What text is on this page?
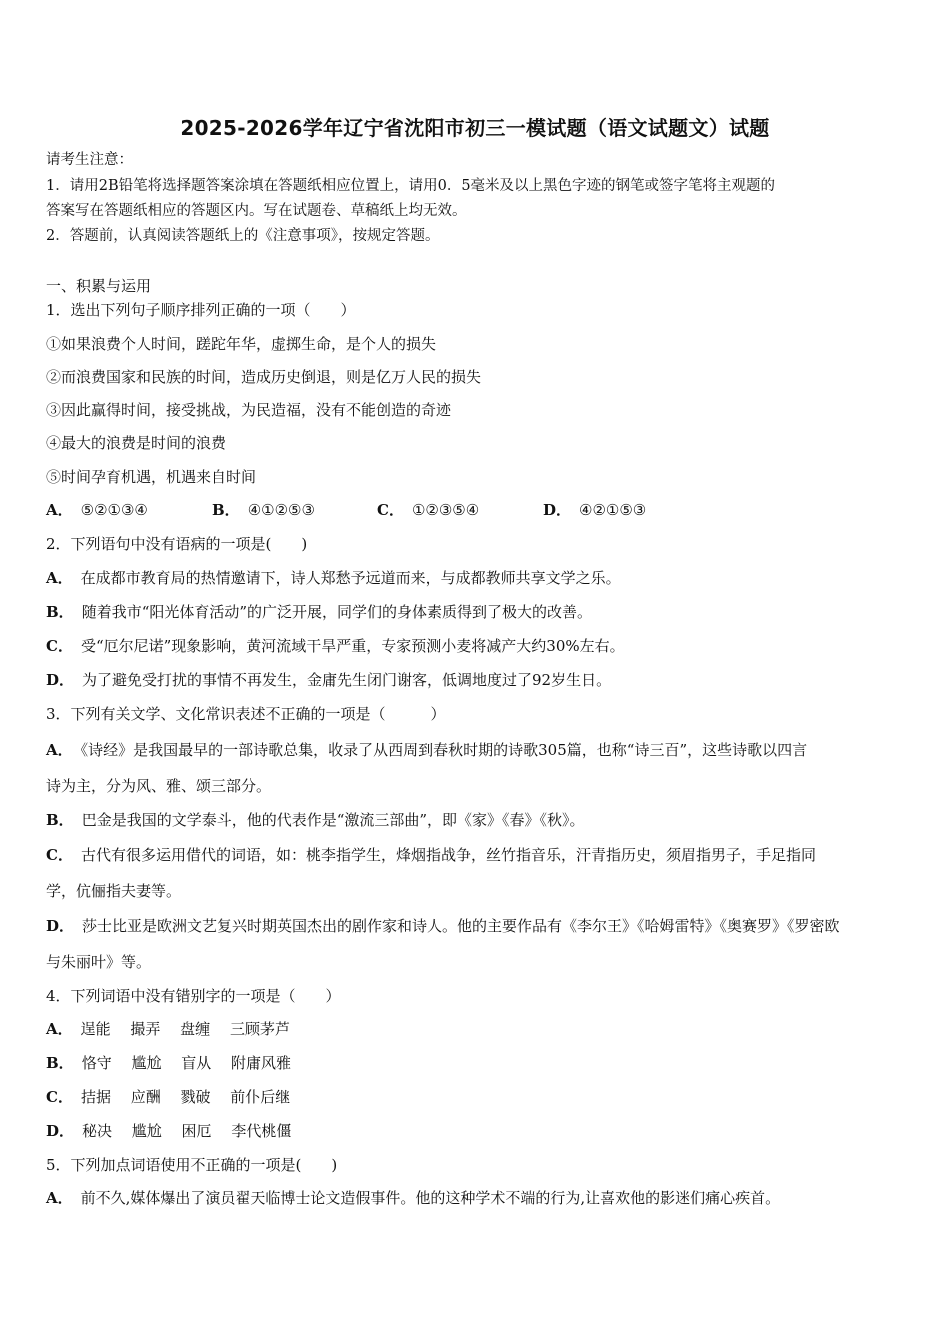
2025-2026学年辽宁省沈阳市初三一模试题（语文试题文）试题
请考生注意：
1．请用2B铅笔将选择题答案涂填在答题纸相应位置上，请用0．5毫米及以上黑色字迹的钢笔或签字笔将主观题的
答案写在答题纸相应的答题区内。写在试题卷、草稿纸上均无效。
2．答题前，认真阅读答题纸上的《注意事项》，按规定答题。
一、积累与运用
1．选出下列句子顺序排列正确的一项（　　）
①如果浪费个人时间，蹉跎年华，虚掷生命，是个人的损失
②而浪费国家和民族的时间，造成历史倒退，则是亿万人民的损失
③因此赢得时间，接受挑战，为民造福，没有不能创造的奇迹
④最大的浪费是时间的浪费
⑤时间孕育机遇，机遇来自时间
A． ⑤②①③④	B． ④①②⑤③	C． ①②③⑤④	D． ④②①⑤③
2．下列语句中没有语病的一项是(　　)
A． 在成都市教育局的热情邀请下，诗人郑愁予远道而来，与成都教师共享文学之乐。
B． 随着我市“阳光体育活动”的广泛开展，同学们的身体素质得到了极大的改善。
C． 受“厄尔尼诺”现象影响，黄河流域干旱严重，专家预测小麦将减产大约30%左右。
D． 为了避免受打扰的事情不再发生，金庸先生闭门谢客，低调地度过了92岁生日。
3．下列有关文学、文化常识表述不正确的一项是（　　　）
A． 《诗经》是我国最早的一部诗歌总集，收录了从西周到春秋时期的诗歌305篇，也称“诗三百”，这些诗歌以四言
诗为主，分为风、雅、颂三部分。
B． 巴金是我国的文学泰斗，他的代表作是“激流三部曲”，即《家》《春》《秋》。
C． 古代有很多运用借代的词语，如：桃李指学生，烽烟指战争，丝竹指音乐，汗青指历史，须眉指男子，手足指同
学，伉俪指夫妻等。
D． 莎士比亚是欧洲文艺复兴时期英国杰出的剧作家和诗人。他的主要作品有《李尔王》《哈姆雷特》《奥赛罗》《罗密欧
与朱丽叶》等。
4．下列词语中没有错别字的一项是（　　）
A． 逞能　 撮弄　 盘缠　 三顾茅芦
B． 恪守　 尴尬　 盲从　 附庸风雅
C． 拮据　 应酬　 戮破　 前仆后继
D． 秘决　 尴尬　 困厄　 李代桃僵
5．下列加点词语使用不正确的一项是(　　)
A． 前不久,媒体爆出了演员翟天临博士论文造假事件。他的这种学术不端的行为,让喜欢他的影迷们痛心疾首。
